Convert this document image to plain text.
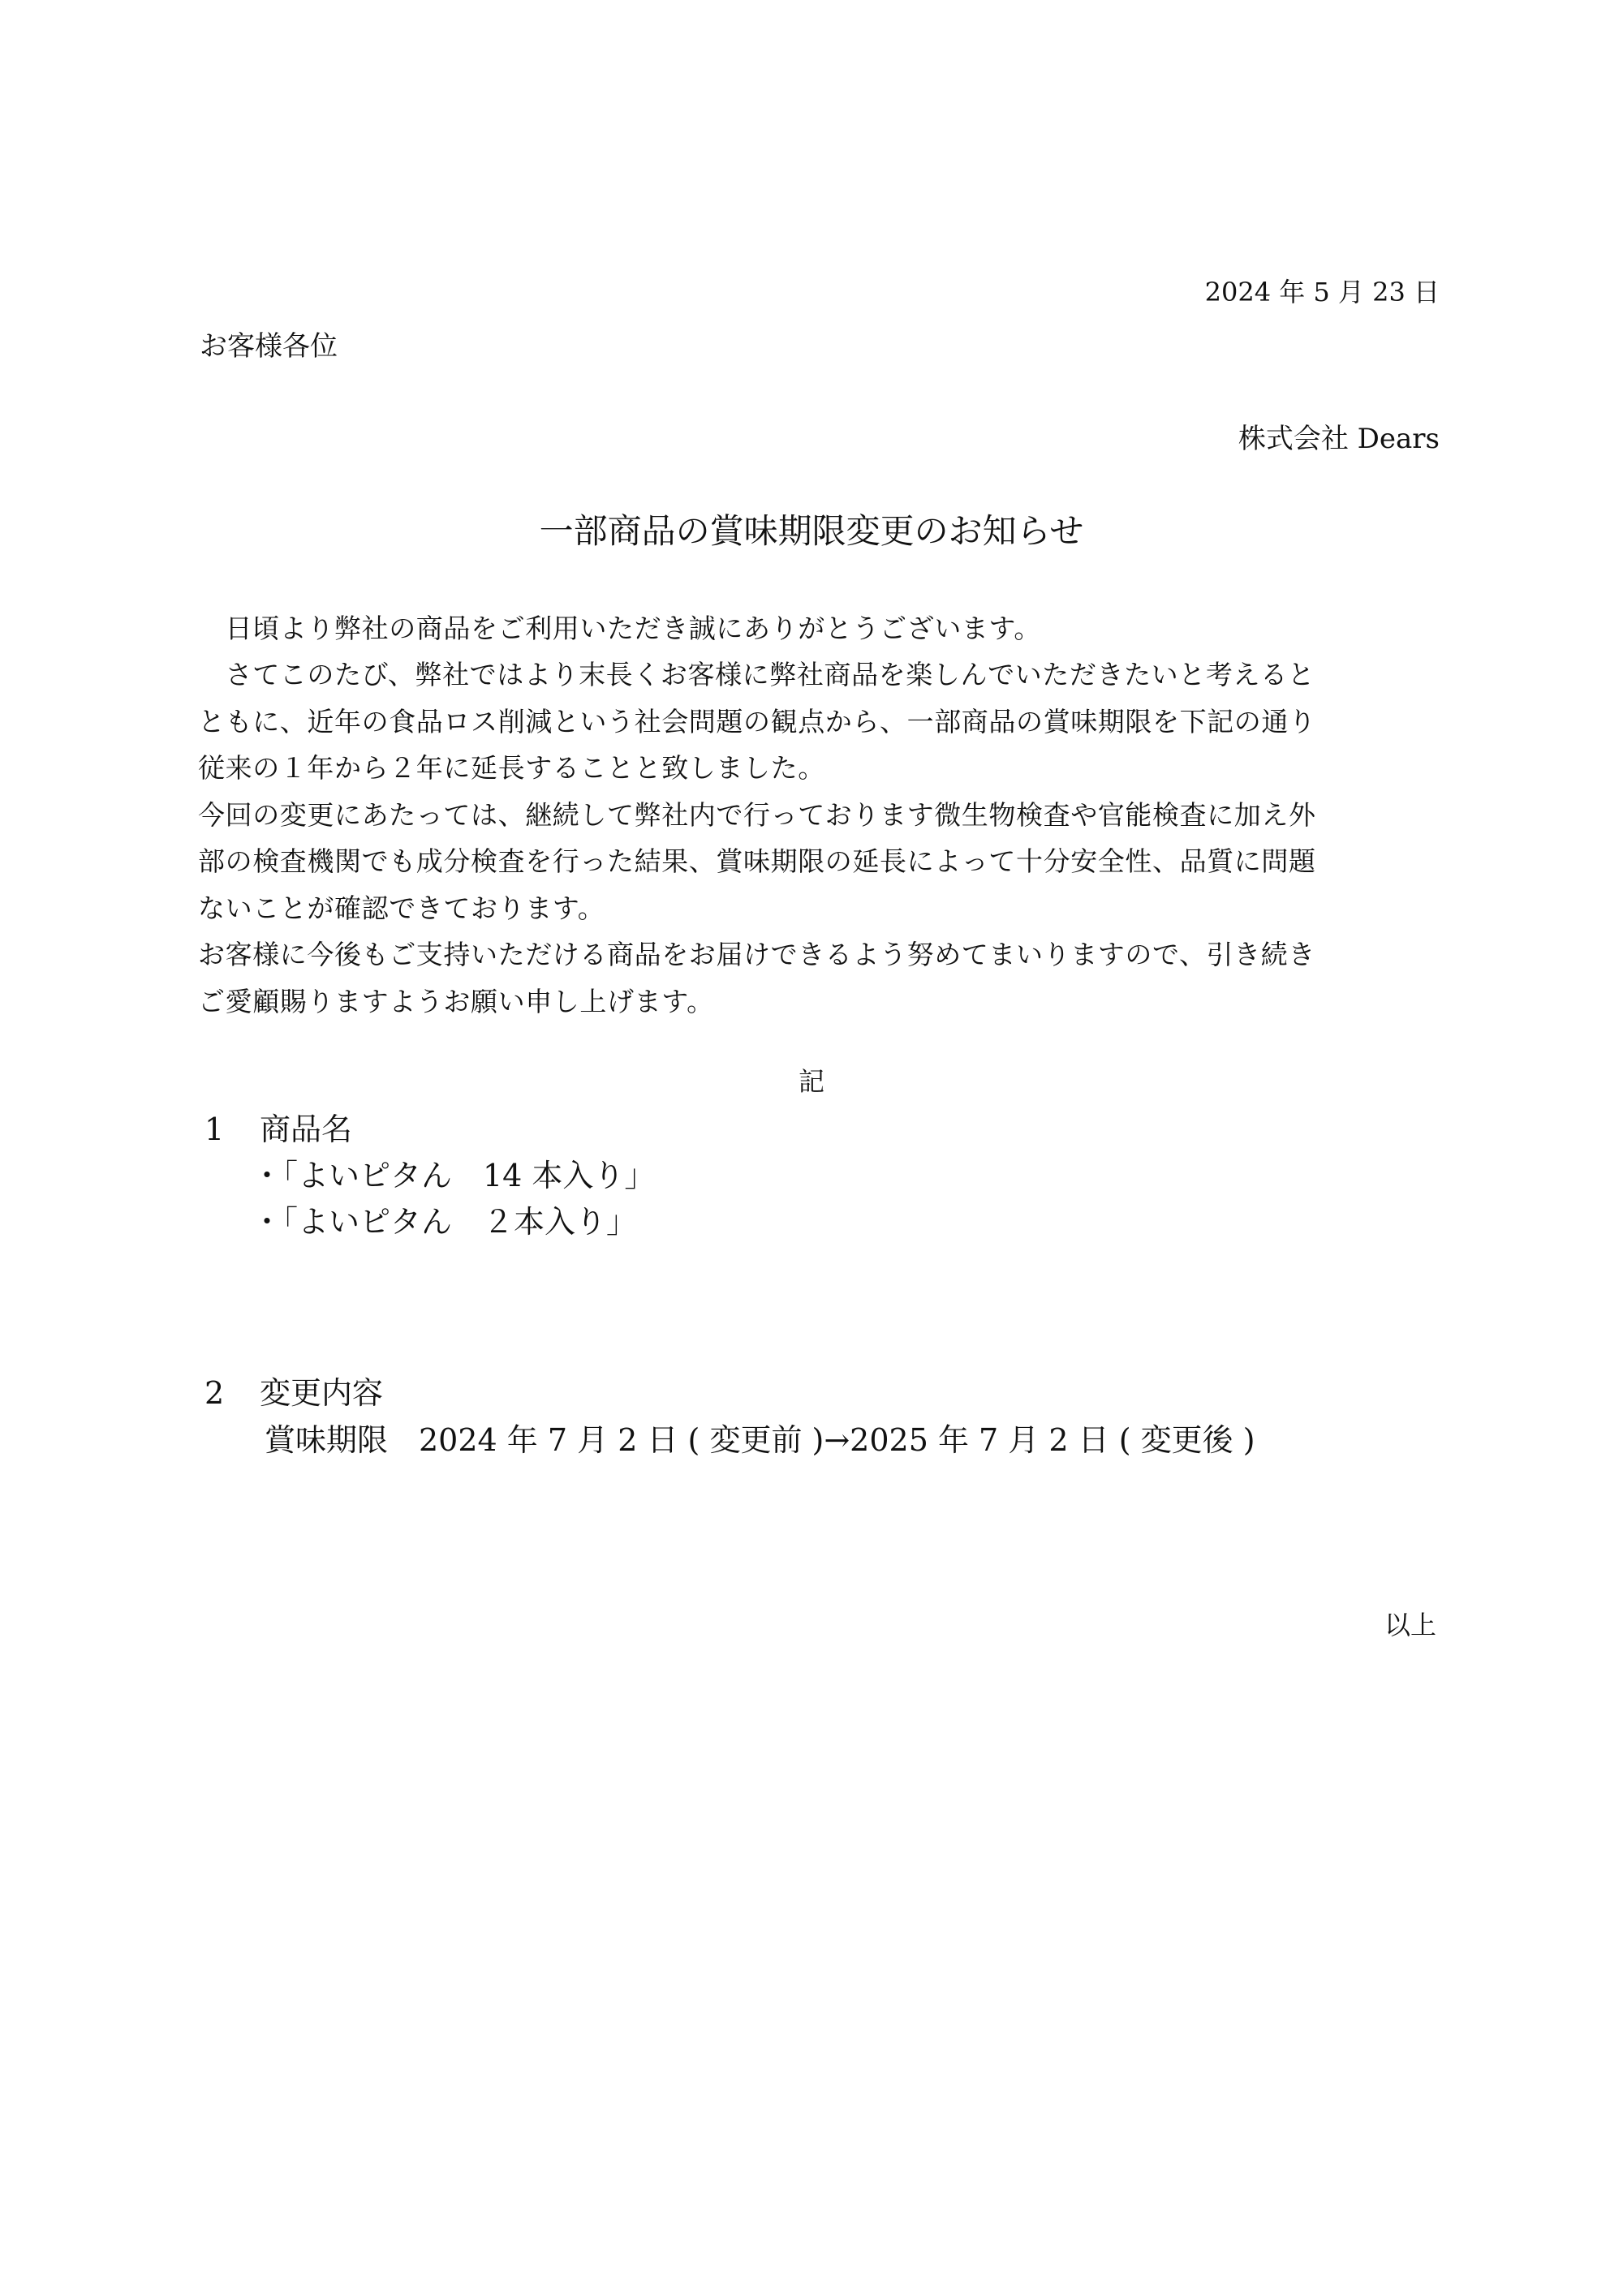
2024 年 5 月 23 日
お客様各位
株式会社 Dears
一部商品の賞味期限変更のお知らせ
　日頃より弊社の商品をご利用いただき誠にありがとうございます。
　さてこのたび、弊社ではより末長くお客様に弊社商品を楽しんでいただきたいと考えると
ともに、近年の食品ロス削減という社会問題の観点から、一部商品の賞味期限を下記の通り
従来の１年から２年に延長することと致しました。
今回の変更にあたっては、継続して弊社内で行っております微生物検査や官能検査に加え外
部の検査機関でも成分検査を行った結果、賞味期限の延長によって十分安全性、品質に問題
ないことが確認できております。
お客様に今後もご支持いただける商品をお届けできるよう努めてまいりますので、引き続き
ご愛顧賜りますようお願い申し上げます。
記
1 商品名
・「よいピタん　14 本入り」
・「よいピタん　２本入り」
2 変更内容
賞味期限　2024 年 7 月 2 日 ( 変更前 )→2025 年 7 月 2 日 ( 変更後 )
以上
